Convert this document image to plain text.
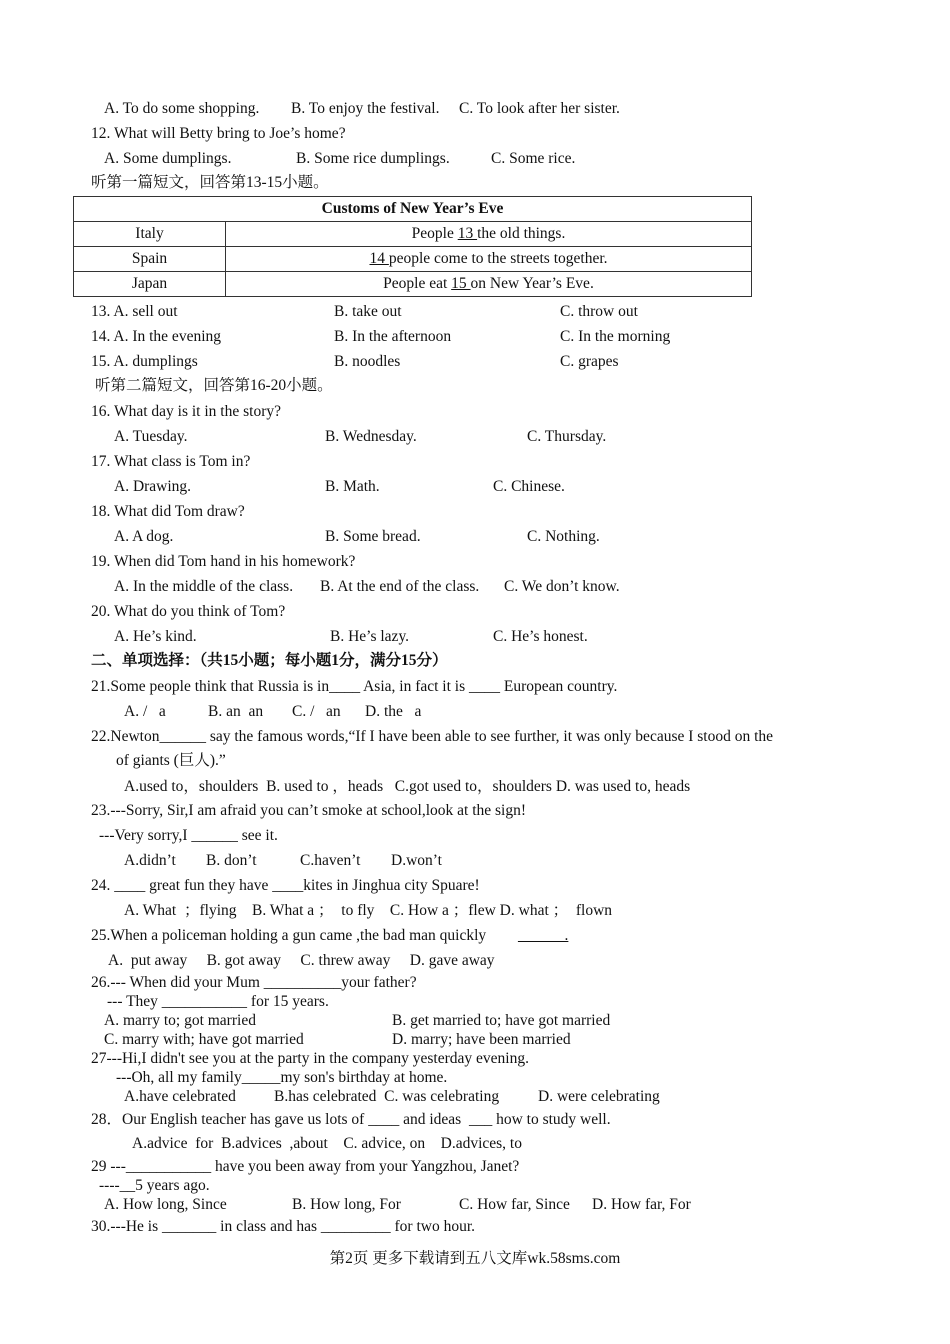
A. To do some shopping. B. To enjoy the festival. C. To look after her sister.
12. What will Betty bring to Joe’s home?
A. Some dumplings.	B. Some rice dumplings.	C. Some rice.
听第一篇短文，回答第13-15小题。
13. A. sell out	B. take out	C. throw out
14. A. In the evening	B. In the afternoon	C. In the morning
15. A. dumplings	B. noodles	C. grapes
听第二篇短文，回答第16-20小题。
16. What day is it in the story?
A. Tuesday.	B. Wednesday.	C. Thursday.
17. What class is Tom in?
A. Drawing.	B. Math.	C. Chinese.
18. What did Tom draw?
A. A dog.	B. Some bread.	C. Nothing.
19. When did Tom hand in his homework?
A. In the middle of the class. B. At the end of the class. C. We don’t know.
20. What do you think of Tom?
A. He’s kind.	B. He’s lazy.	C. He’s honest.
二、单项选择：（共15小题；每小题1分，满分15分）
21.Some people think that Russia is in____ Asia, in fact it is ____ European country.
A. /   a	B. an  an C. /   an D. the   a
22.Newton______ say the famous words,“If I have been able to see further, it was only because I stood on the
of giants (巨人).”
A.used to，shoulders  B. used to ，heads   C.got used to，shoulders D. was used to, heads
23.---Sorry, Sir,I am afraid you can’t smoke at school,look at the sign!
---Very sorry,I ______ see it.
A.didn’t B. don’t	C.haven’t D.won’t
24. ____ great fun they have ____kites in Jinghua city Spuare!
A. What  ；flying    B. What a ；  to fly    C. How a ；flew D. what ；  flown
25.When a policeman holding a gun came ,the bad man quickly ______.
A.  put away     B. got away     C. threw away     D. gave away
26.--- When did your Mum __________your father?
--- They ___________ for 15 years.
A. marry to; got married	B. get married to; have got married
C. marry with; have got married	D. marry; have been married
27---Hi,I didn't see you at the party in the company yesterday evening.
---Oh, all my family_____my son's birthday at home.
A.have celebrated B.has celebrated  C. was celebrating	D. were celebrating
28．Our English teacher has gave us lots of ____ and ideas  ___ how to study well.
A.advice  for  B.advices  ,about    C. advice, on    D.advices, to
29 ---___________ have you been away from your Yangzhou, Janet?
----__5 years ago.
A. How long, Since	B. How long, For	C. How far, Since D. How far, For
30.---He is _______ in class and has _________ for two hour.
Customs of New Year’s Eve	
Italy	People 13 the old things.
Spain	14 people come to the streets together.
Japan	People eat 15 on New Year’s Eve.
第2页 更多下载请到五八文库wk.58sms.com
